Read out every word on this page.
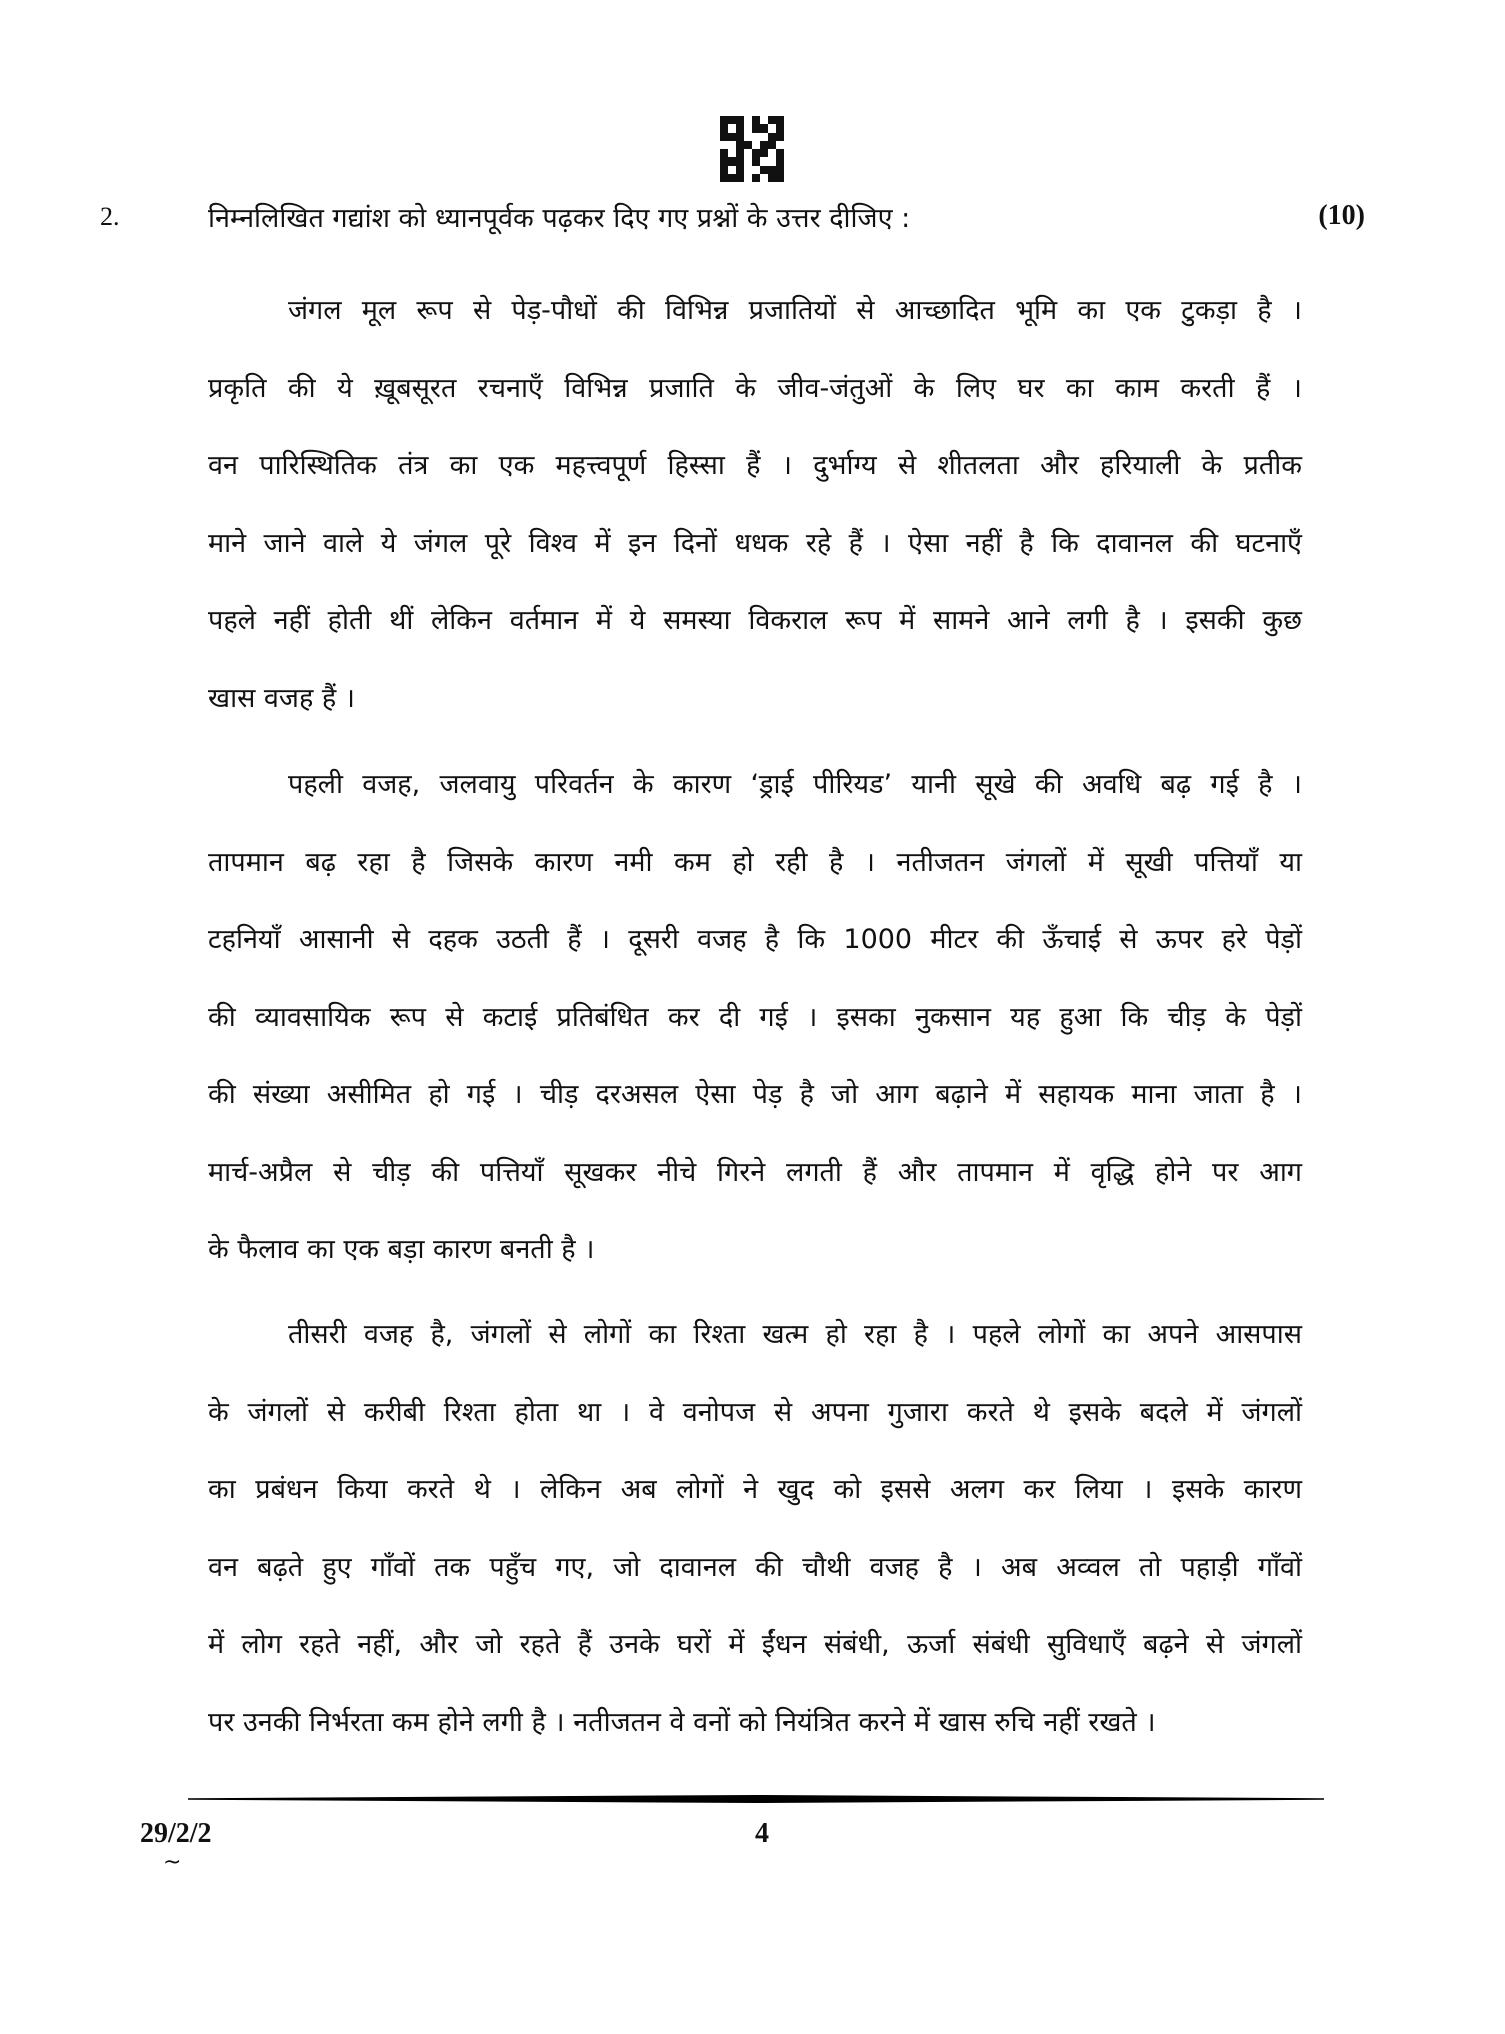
2.	निम्नलिखित गद्यांश को ध्यानपूर्वक पढ़कर दिए गए प्रश्नों के उत्तर दीजिए :	(10)
जंगल मूल रूप से पेड़-पौधों की विभिन्न प्रजातियों से आच्छादित भूमि का एक टुकड़ा है ।
प्रकृति की ये ख़ूबसूरत रचनाएँ विभिन्न प्रजाति के जीव-जंतुओं के लिए घर का काम करती हैं ।
वन पारिस्थितिक तंत्र का एक महत्त्वपूर्ण हिस्सा हैं । दुर्भाग्य से शीतलता और हरियाली के प्रतीक
माने जाने वाले ये जंगल पूरे विश्व में इन दिनों धधक रहे हैं । ऐसा नहीं है कि दावानल की घटनाएँ
पहले नहीं होती थीं लेकिन वर्तमान में ये समस्या विकराल रूप में सामने आने लगी है । इसकी कुछ
खास वजह हैं ।
पहली वजह, जलवायु परिवर्तन के कारण ‘ड्राई पीरियड’ यानी सूखे की अवधि बढ़ गई है ।
तापमान बढ़ रहा है जिसके कारण नमी कम हो रही है । नतीजतन जंगलों में सूखी पत्तियाँ या
टहनियाँ आसानी से दहक उठती हैं । दूसरी वजह है कि 1000 मीटर की ऊँचाई से ऊपर हरे पेड़ों
की व्यावसायिक रूप से कटाई प्रतिबंधित कर दी गई । इसका नुकसान यह हुआ कि चीड़ के पेड़ों
की संख्या असीमित हो गई । चीड़ दरअसल ऐसा पेड़ है जो आग बढ़ाने में सहायक माना जाता है ।
मार्च-अप्रैल से चीड़ की पत्तियाँ सूखकर नीचे गिरने लगती हैं और तापमान में वृद्धि होने पर आग
के फैलाव का एक बड़ा कारण बनती है ।
तीसरी वजह है, जंगलों से लोगों का रिश्ता खत्म हो रहा है । पहले लोगों का अपने आसपास
के जंगलों से करीबी रिश्ता होता था । वे वनोपज से अपना गुजारा करते थे इसके बदले में जंगलों
का प्रबंधन किया करते थे । लेकिन अब लोगों ने खुद को इससे अलग कर लिया । इसके कारण
वन बढ़ते हुए गाँवों तक पहुँच गए, जो दावानल की चौथी वजह है । अब अव्वल तो पहाड़ी गाँवों
में लोग रहते नहीं, और जो रहते हैं उनके घरों में ईंधन संबंधी, ऊर्जा संबंधी सुविधाएँ बढ़ने से जंगलों
पर उनकी निर्भरता कम होने लगी है । नतीजतन वे वनों को नियंत्रित करने में खास रुचि नहीं रखते ।
29/2/2	4
~
